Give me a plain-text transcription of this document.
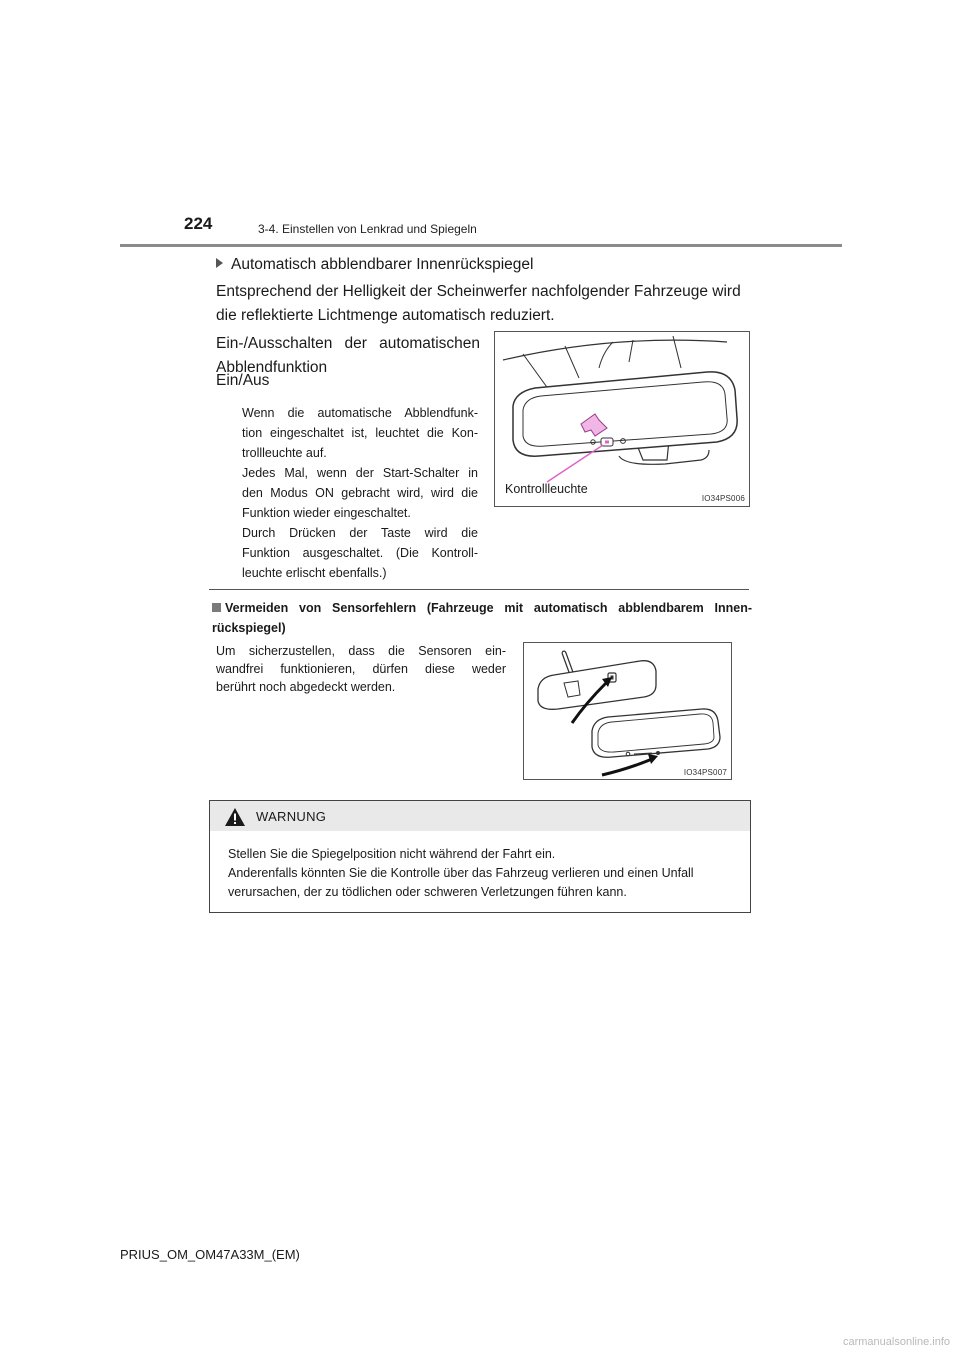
224	3-4. Einstellen von Lenkrad und Spiegeln
Automatisch abblendbarer Innenrückspiegel
Entsprechend der Helligkeit der Scheinwerfer nachfolgender Fahrzeuge wird
die reflektierte Lichtmenge automatisch reduziert.
Ein-/Ausschalten der automatischen
Abblendfunktion
Ein/Aus

Wenn die automatische Abblendfunk-

tion eingeschaltet ist, leuchtet die Kon-

trollleuchte auf.

Jedes Mal, wenn der Start-Schalter in

den Modus ON gebracht wird, wird die

Funktion wieder eingeschaltet.

Durch Drücken der Taste wird die

Funktion ausgeschaltet. (Die Kontroll-

leuchte erlischt ebenfalls.)

Kontrollleuchte
IO34PS006
Vermeiden von Sensorfehlern (Fahrzeuge mit automatisch abblendbarem Innen-rückspiegel)

Um sicherzustellen, dass die Sensoren ein-

wandfrei funktionieren, dürfen diese weder

berührt noch abgedeckt werden.

IO34PS007
WARNUNG

Stellen Sie die Spiegelposition nicht während der Fahrt ein.

Anderenfalls könnten Sie die Kontrolle über das Fahrzeug verlieren und einen Unfall

verursachen, der zu tödlichen oder schweren Verletzungen führen kann.

PRIUS_OM_OM47A33M_(EM)
carmanualsonline.info
